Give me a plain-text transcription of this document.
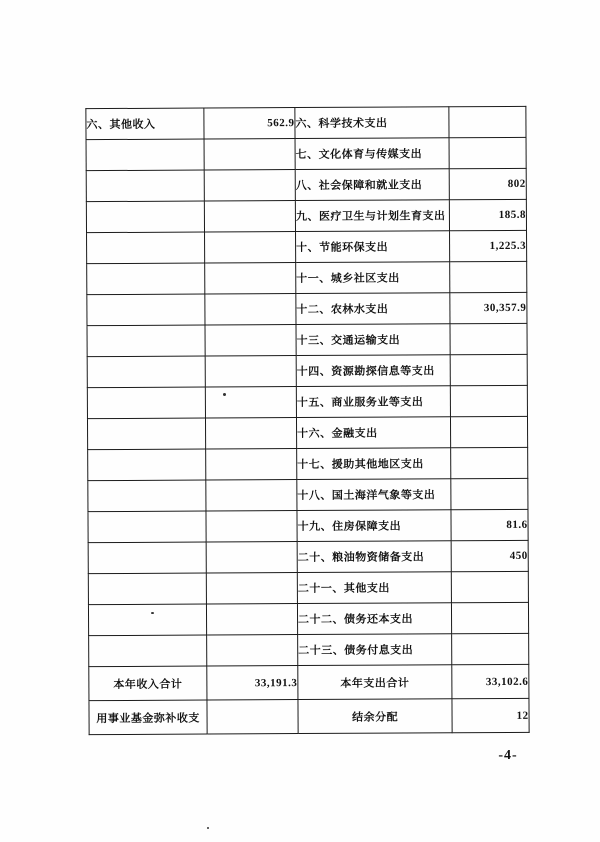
六、其他收入	562.9	六、科学技术支出	
		七、文化体育与传媒支出	
		八、社会保障和就业支出	802
		九、医疗卫生与计划生育支出	185.8
		十、节能环保支出	1,225.3
		十一、城乡社区支出	
		十二、农林水支出	30,357.9
		十三、交通运输支出	
		十四、资源勘探信息等支出	
		十五、商业服务业等支出	
		十六、金融支出	
		十七、援助其他地区支出	
		十八、国土海洋气象等支出	
		十九、住房保障支出	81.6
		二十、粮油物资储备支出	450
		二十一、其他支出	
		二十二、债务还本支出	
		二十三、债务付息支出	
本年收入合计	33,191.3	本年支出合计	33,102.6
用事业基金弥补收支		结余分配	12
-4-
